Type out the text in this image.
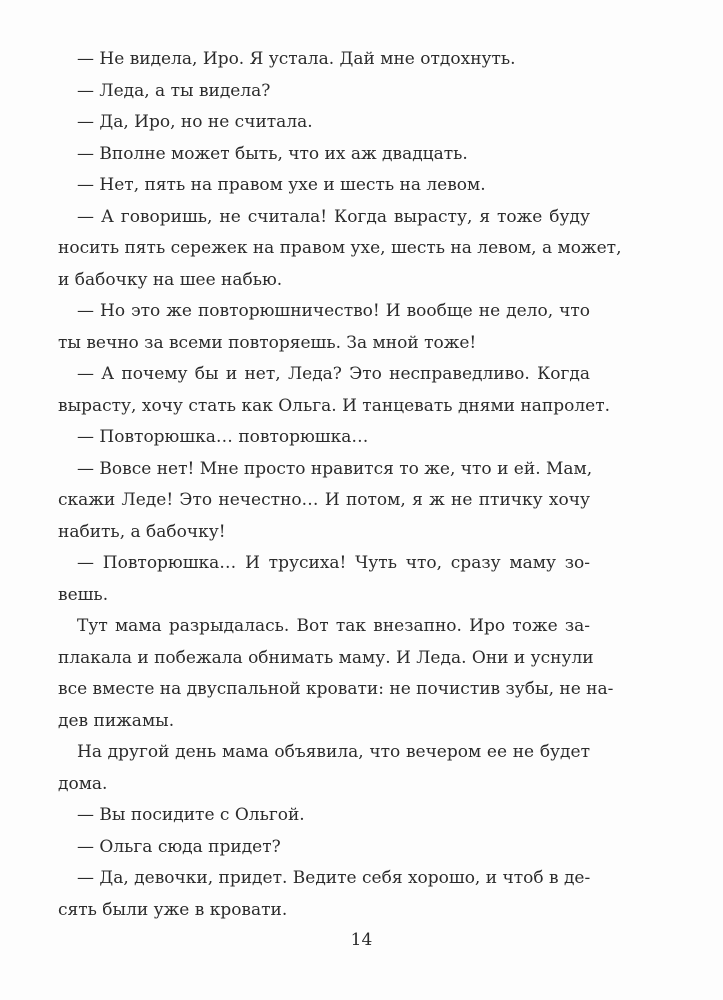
— Не видела, Иро. Я устала. Дай мне отдохнуть.
— Леда, а ты видела?
— Да, Иро, но не считала.
— Вполне может быть, что их аж двадцать.
— Нет, пять на правом ухе и шесть на левом.
— А говоришь, не считала! Когда вырасту, я тоже буду
носить пять сережек на правом ухе, шесть на левом, а может,
и бабочку на шее набью.
— Но это же повторюшничество! И вообще не дело, что
ты вечно за всеми повторяешь. За мной тоже!
— А почему бы и нет, Леда? Это несправедливо. Когда
вырасту, хочу стать как Ольга. И танцевать днями напролет.
— Повторюшка… повторюшка…
— Вовсе нет! Мне просто нравится то же, что и ей. Мам,
скажи Леде! Это нечестно… И потом, я ж не птичку хочу
набить, а бабочку!
— Повторюшка… И трусиха! Чуть что, сразу маму зо-
вешь.
Тут мама разрыдалась. Вот так внезапно. Иро тоже за-
плакала и побежала обнимать маму. И Леда. Они и уснули
все вместе на двуспальной кровати: не почистив зубы, не на-
дев пижамы.
На другой день мама объявила, что вечером ее не будет
дома.
— Вы посидите с Ольгой.
— Ольга сюда придет?
— Да, девочки, придет. Ведите себя хорошо, и чтоб в де-
сять были уже в кровати.
14
